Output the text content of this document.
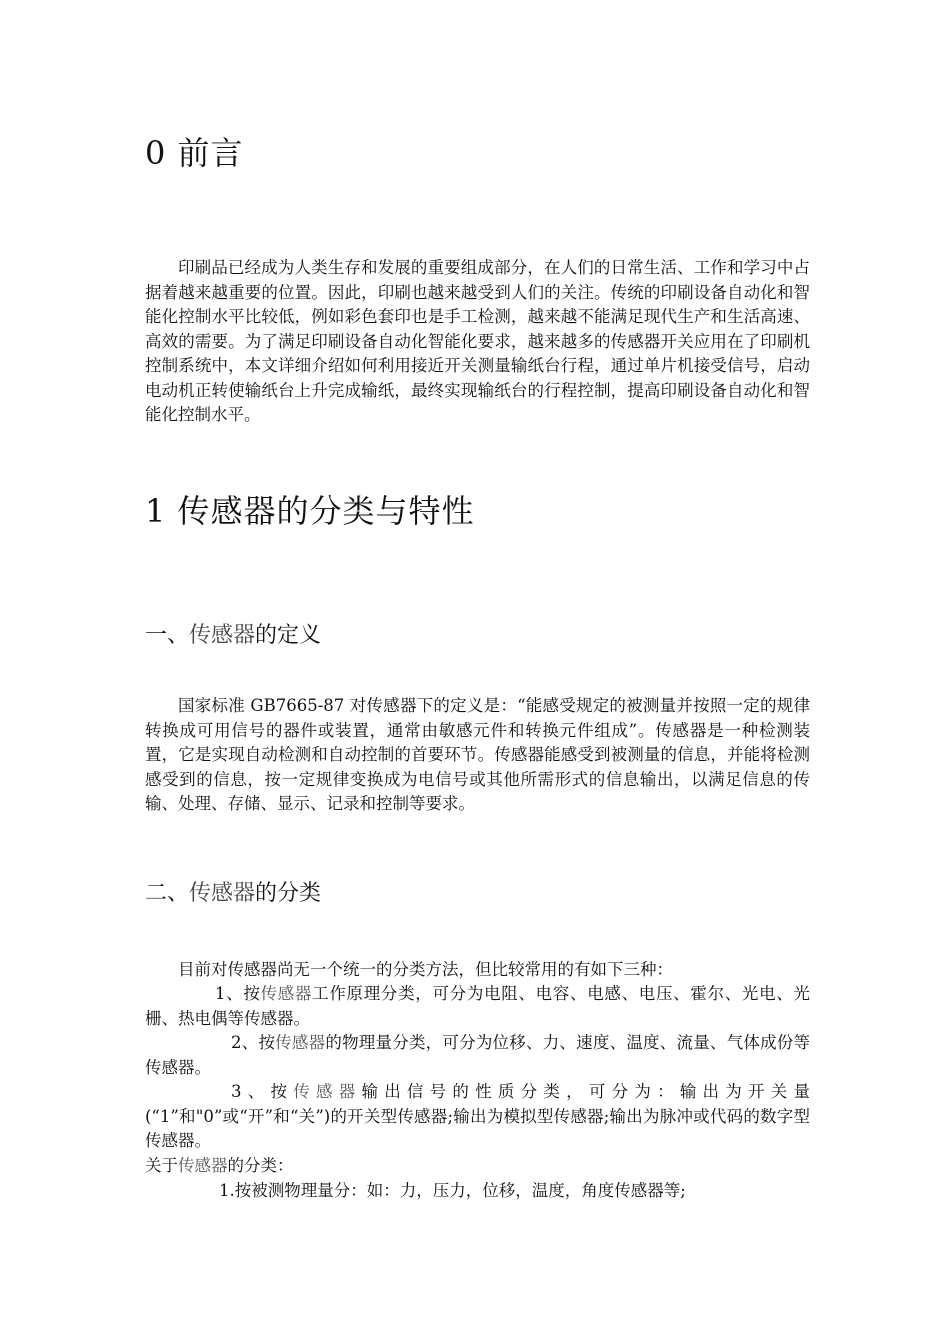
0 前言

印刷品已经成为人类生存和发展的重要组成部分，在人们的日常生活、工作和学习中占据着越来越重要的位置。因此，印刷也越来越受到人们的关注。传统的印刷设备自动化和智能化控制水平比较低，例如彩色套印也是手工检测，越来越不能满足现代生产和生活高速、高效的需要。为了满足印刷设备自动化智能化要求，越来越多的传感器开关应用在了印刷机控制系统中，本文详细介绍如何利用接近开关测量输纸台行程，通过单片机接受信号，启动电动机正转使输纸台上升完成输纸，最终实现输纸台的行程控制，提高印刷设备自动化和智能化控制水平。

1 传感器的分类与特性
一、传感器的定义

国家标准 GB7665-87 对传感器下的定义是：“能感受规定的被测量并按照一定的规律转换成可用信号的器件或装置，通常由敏感元件和转换元件组成”。传感器是一种检测装置，它是实现自动检测和自动控制的首要环节。传感器能感受到被测量的信息，并能将检测感受到的信息，按一定规律变换成为电信号或其他所需形式的信息输出，以满足信息的传输、处理、存储、显示、记录和控制等要求。

二、传感器的分类

目前对传感器尚无一个统一的分类方法，但比较常用的有如下三种：

1、按传感器工作原理分类，可分为电阻、电容、电感、电压、霍尔、光电、光栅、热电偶等传感器。

2、按传感器的物理量分类，可分为位移、力、速度、温度、流量、气体成份等传感器。

3、按传感器输出信号的性质分类，可分为：输出为开关量(“1”和"0”或“开”和“关”)的开关型传感器;输出为模拟型传感器;输出为脉冲或代码的数字型传感器。

关于传感器的分类：

1.按被测物理量分：如：力，压力，位移，温度，角度传感器等;
